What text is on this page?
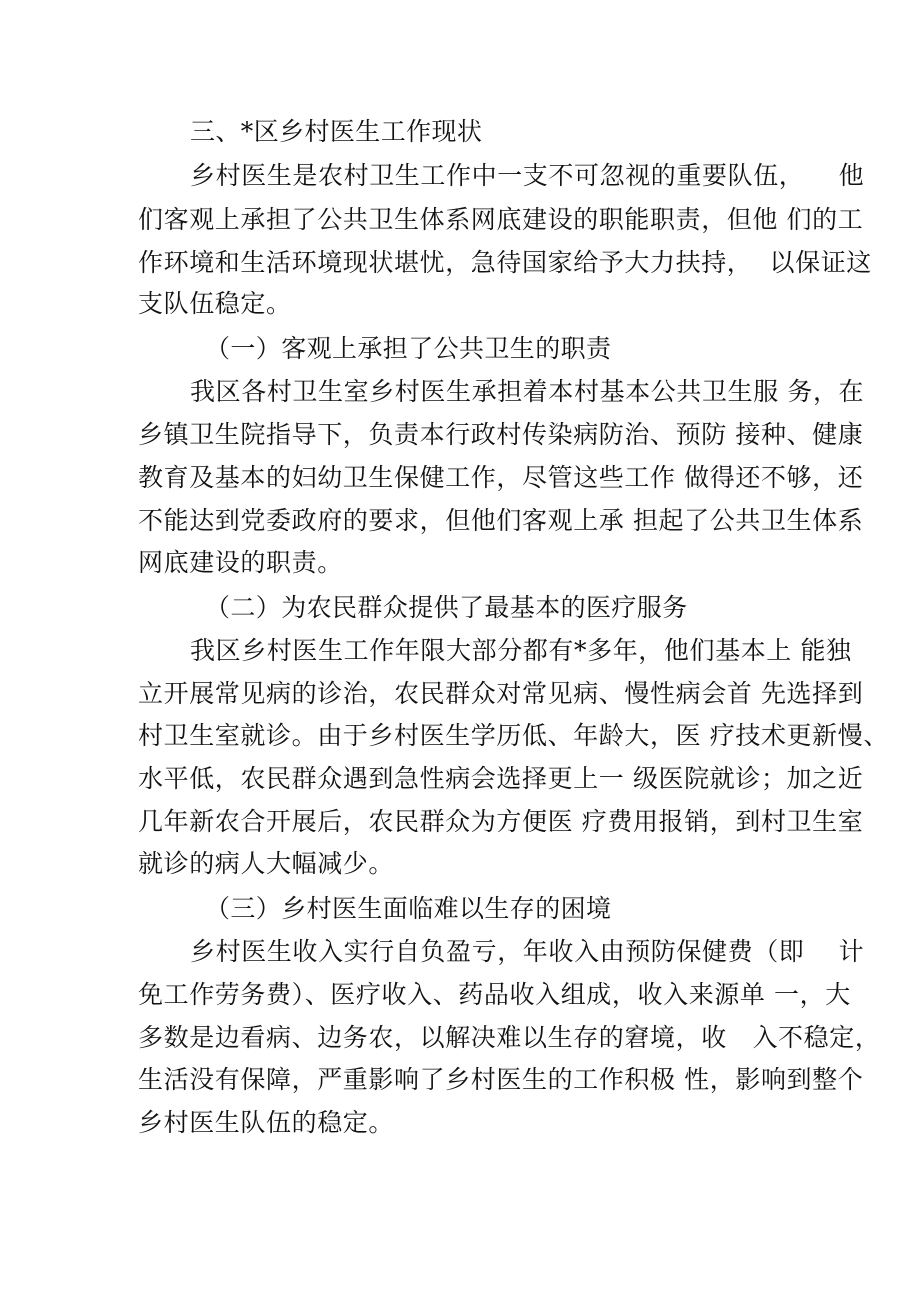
三、*区乡村医生工作现状
乡村医生是农村卫生工作中一支不可忽视的重要队伍，    他
们客观上承担了公共卫生体系网底建设的职能职责，但他 们的工
作环境和生活环境现状堪忧，急待国家给予大力扶持，  以保证这
支队伍稳定。
（一）客观上承担了公共卫生的职责
我区各村卫生室乡村医生承担着本村基本公共卫生服 务，在
乡镇卫生院指导下，负责本行政村传染病防治、预防 接种、健康
教育及基本的妇幼卫生保健工作，尽管这些工作 做得还不够，还
不能达到党委政府的要求，但他们客观上承 担起了公共卫生体系
网底建设的职责。
（二）为农民群众提供了最基本的医疗服务
我区乡村医生工作年限大部分都有*多年，他们基本上 能独
立开展常见病的诊治，农民群众对常见病、慢性病会首 先选择到
村卫生室就诊。由于乡村医生学历低、年龄大，医 疗技术更新慢、
水平低，农民群众遇到急性病会选择更上一 级医院就诊；加之近
几年新农合开展后，农民群众为方便医 疗费用报销，到村卫生室
就诊的病人大幅减少。
（三）乡村医生面临难以生存的困境
乡村医生收入实行自负盈亏，年收入由预防保健费（即    计
免工作劳务费）、医疗收入、药品收入组成，收入来源单 一，大
多数是边看病、边务农，以解决难以生存的窘境，收   入不稳定，
生活没有保障，严重影响了乡村医生的工作积极 性，影响到整个
乡村医生队伍的稳定。
